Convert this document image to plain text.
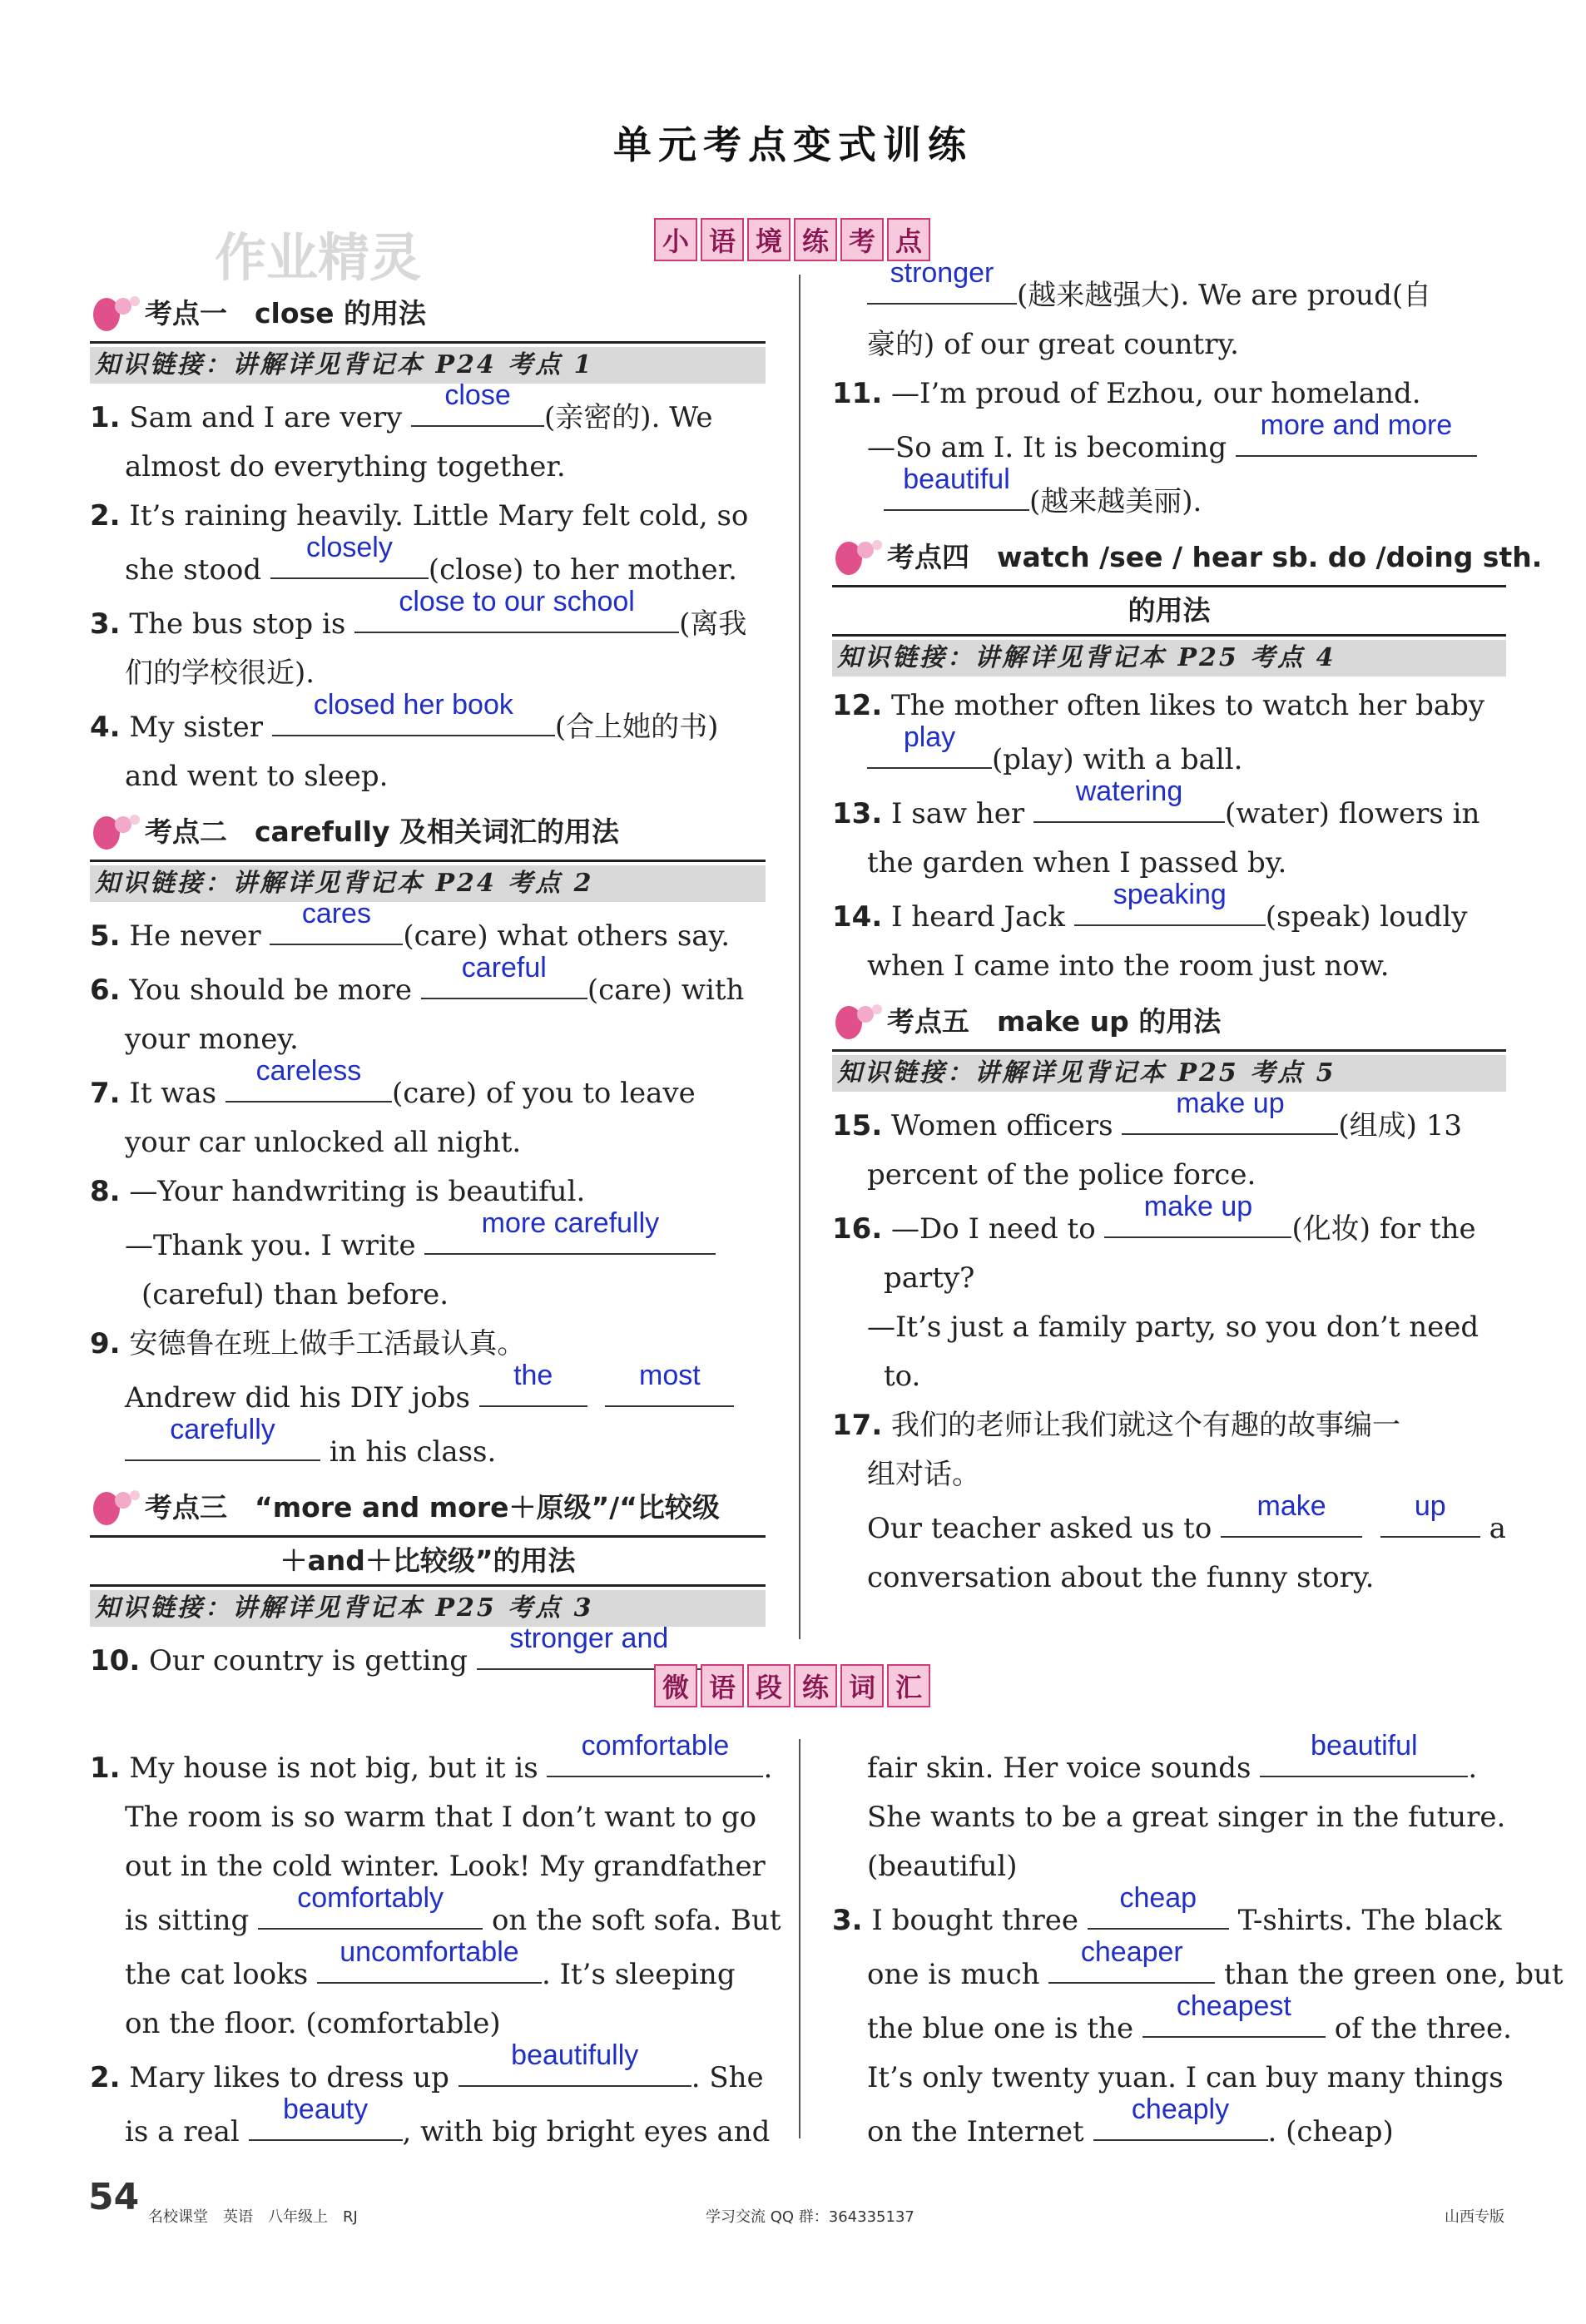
作业精灵
单元考点变式训练
小 语 境 练 考 点
考点一　close 的用法
知识链接：讲解详见背记本 P24 考点 1
1. Sam and I are very
close
(亲密的). We
almost do everything together.
2. It’s raining heavily. Little Mary felt cold, so
she stood
closely
(close) to her mother.
3. The bus stop is
close to our school
(离我
们的学校很近).
4. My sister
closed her book
(合上她的书)
and went to sleep.
考点二　carefully 及相关词汇的用法
知识链接：讲解详见背记本 P24 考点 2
5. He never
cares
(care) what others say.
6. You should be more
careful
(care) with
your money.
7. It was
careless
(care) of you to leave
your car unlocked all night.
8. —Your handwriting is beautiful.
—Thank you. I write
more carefully
(careful) than before.
9. 安德鲁在班上做手工活最认真。
Andrew did his DIY jobs
the
	most
carefully
in his class.
考点三　“more and more＋原级”/“比较级
＋and＋比较级”的用法
知识链接：讲解详见背记本 P25 考点 3
10. Our country is getting
stronger and
stronger
(越来越强大). We are proud(自
豪的) of our great country.
11. —I’m proud of Ezhou, our homeland.
—So am I. It is becoming
more and more
beautiful
(越来越美丽).
考点四　watch /see / hear sb. do /doing sth.
的用法
知识链接：讲解详见背记本 P25 考点 4
12. The mother often likes to watch her baby
play
(play) with a ball.
13. I saw her
watering
(water) flowers in
the garden when I passed by.
14. I heard Jack
speaking
(speak) loudly
when I came into the room just now.
考点五　make up 的用法
知识链接：讲解详见背记本 P25 考点 5
15. Women officers
make up
(组成) 13
percent of the police force.
16. —Do I need to
make up
(化妆) for the
party?
—It’s just a family party, so you don’t need
to.
17. 我们的老师让我们就这个有趣的故事编一
组对话。
Our teacher asked us to
make
	up
a
conversation about the funny story.
微 语 段 练 词 汇
1. My house is not big, but it is
comfortable
.
The room is so warm that I don’t want to go
out in the cold winter. Look! My grandfather
is sitting
comfortably
on the soft sofa. But
the cat looks
uncomfortable
. It’s sleeping
on the floor. (comfortable)
2. Mary likes to dress up
beautifully
. She
is a real
beauty
, with big bright eyes and
fair skin. Her voice sounds
beautiful
.
She wants to be a great singer in the future.
(beautiful)
3. I bought three
cheap
T-shirts. The black
one is much
cheaper
than the green one, but
the blue one is the
cheapest
of the three.
It’s only twenty yuan. I can buy many things
on the Internet
cheaply
. (cheap)
54 名校课堂　英语　八年级上　RJ	学习交流 QQ 群：364335137	山西专版
